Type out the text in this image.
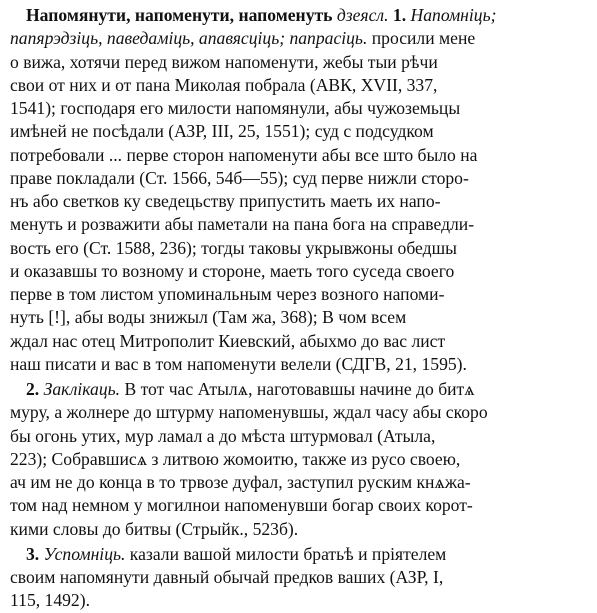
Напомянути, напоменути, напоменуть дзеясл. 1. Напомніць;
папярэдзіць, паведаміць, апавясціць; папрасіць. просили мене
о вижа, хотячи перед вижом напоменути, жебы тыи рѣчи
свои от них и от пана Миколая побрала (АВК, XVII, 337,
1541); господаря его милости напомянули, абы чужоземьцы
имѣней не посѣдали (АЗР, III, 25, 1551); суд с подсудком
потребовали ... перве сторон напоменути абы все што было на
праве покладали (Ст. 1566, 54б—55); суд перве нижли сторо-
нъ або светков ку сведецьству припустить маеть их напо-
менуть и розважити абы паметали на пана бога на справедли-
вость его (Ст. 1588, 236); тогды таковы укрывжоны обедшы
и оказавшы то возному и стороне, маеть того суседа своего
перве в том листом упоминальным через возного напоми-
нуть [!], абы воды знижыл (Там жа, 368); В чом всем
ждал нас отец Митрополит Киевский, абыхмо до вас лист
наш писати и вас в том напоменути велели (СДГВ, 21, 1595).

2. Заклікаць. В тот час Атылѧ, наготовавшы начине до битѧ
муру, а жолнере до штурму напоменувшы, ждал часу абы скоро
бы огонь утих, мур ламал а до мѣста штурмовал (Атыла,
223); Собравшисѧ з литвою жомоитю, также из русо своею,
ач им не до конца в то трвозе дуфал, заступил руским кнѧжа-
том над немном у могилнои напоменувши богар своих корот-
кими словы до битвы (Стрыйк., 523б).

3. Успомніць. казали вашой милости братьѣ и прiятелем
своим напомянути давный обычай предков ваших (АЗР, I,
115, 1492).
